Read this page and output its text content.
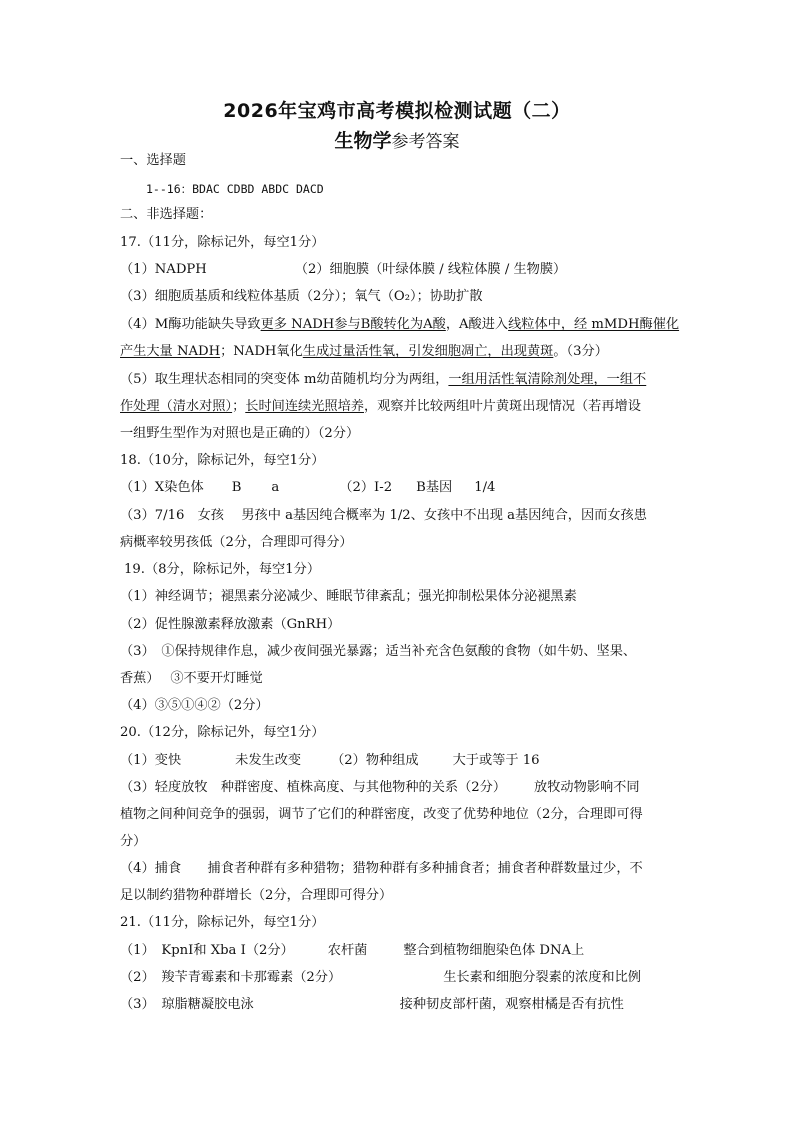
2026年宝鸡市高考模拟检测试题（二）
生物学参考答案
一、选择题
1--16：BDAC CDBD ABDC DACD
二、非选择题：
17.（11分，除标记外，每空1分）
（1）NADPH	（2）细胞膜（叶绿体膜 / 线粒体膜 / 生物膜）
（3）细胞质基质和线粒体基质（2分）；氧气（O₂）；协助扩散
（4）M酶功能缺失导致更多 NADH参与B酸转化为A酸，A酸进入线粒体中，经 mMDH酶催化
产生大量 NADH；NADH氧化生成过量活性氧，引发细胞凋亡，出现黄斑。（3分）
（5）取生理状态相同的突变体 m幼苗随机均分为两组，一组用活性氧清除剂处理，一组不
作处理（清水对照）；长时间连续光照培养，观察并比较两组叶片黄斑出现情况（若再增设
一组野生型作为对照也是正确的）（2分）
18.（10分，除标记外，每空1分）
（1）X染色体 B a	（2）Ⅰ-2 B基因 1/4
（3）7/16　女孩　 男孩中 a基因纯合概率为 1/2、女孩中不出现 a基因纯合，因而女孩患
病概率较男孩低（2分，合理即可得分）
19.（8分，除标记外，每空1分）
（1）神经调节；褪黑素分泌减少、睡眠节律紊乱；强光抑制松果体分泌褪黑素
（2）促性腺激素释放激素（GnRH）
（3）　①保持规律作息，减少夜间强光暴露；适当补充含色氨酸的食物（如牛奶、坚果、
香蕉）　 ③不要开灯睡觉
（4）③⑤①④②（2分）
20.（12分，除标记外，每空1分）
（1）变快	未发生改变 （2）物种组成	大于或等于 16
（3）轻度放牧　种群密度、植株高度、与其他物种的关系（2分） 放牧动物影响不同
植物之间种间竞争的强弱，调节了它们的种群密度，改变了优势种地位（2分，合理即可得
分）
（4）捕食　　捕食者种群有多种猎物；猎物种群有多种捕食者；捕食者种群数量过少，不
足以制约猎物种群增长（2分，合理即可得分）
21.（11分，除标记外，每空1分）
（1）　KpnⅠ和 Xba Ⅰ（2分）	农杆菌	整合到植物细胞染色体 DNA上
（2）　羧苄青霉素和卡那霉素（2分）	生长素和细胞分裂素的浓度和比例
（3）　琼脂糖凝胶电泳	接种韧皮部杆菌，观察柑橘是否有抗性
